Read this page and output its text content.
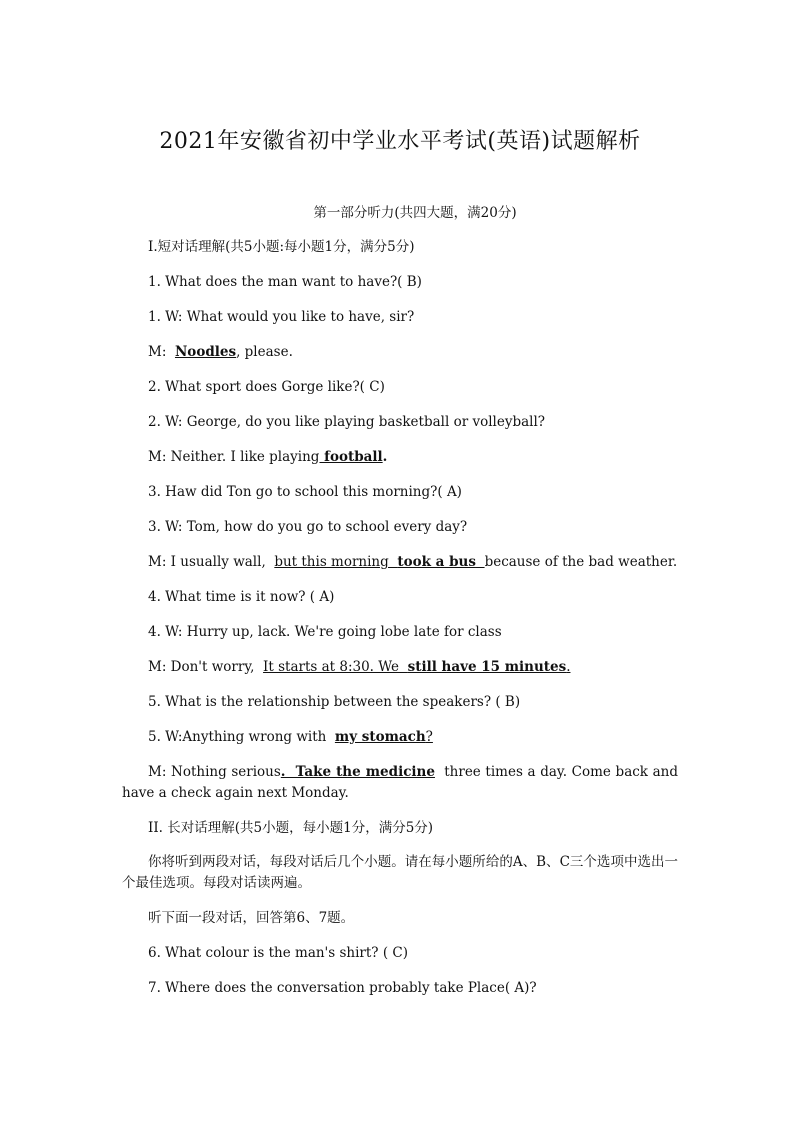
2021年安徽省初中学业水平考试(英语)试题解析
第一部分听力(共四大题，满20分)
I.短对话理解(共5小题:每小题1分，满分5分)
1. What does the man want to have?( B)
1. W: What would you like to have, sir?
M:  Noodles, please.
2. What sport does Gorge like?( C)
2. W: George, do you like playing basketball or volleyball?
M: Neither. I like playing football.
3. Haw did Ton go to school this morning?( A)
3. W: Tom, how do you go to school every day?
M: I usually wall,  but this morning  took a bus because of the bad weather.
4. What time is it now? ( A)
4. W: Hurry up, lack. We're going lobe late for class
M: Don't worry,  It starts at 8:30. We  still have 15 minutes.
5. What is the relationship between the speakers? ( B)
5. W:Anything wrong with  my stomach?
M: Nothing serious.  Take the medicine  three times a day. Come back and have a check again next Monday.
II. 长对话理解(共5小题，每小题1分，满分5分)
你将听到两段对话，每段对话后几个小题。请在每小题所给的A、B、C三个选项中选出一个最佳选项。每段对话读两遍。
听下面一段对话，回答第6、7题。
6. What colour is the man's shirt? ( C)
7. Where does the conversation probably take Place( A)?
